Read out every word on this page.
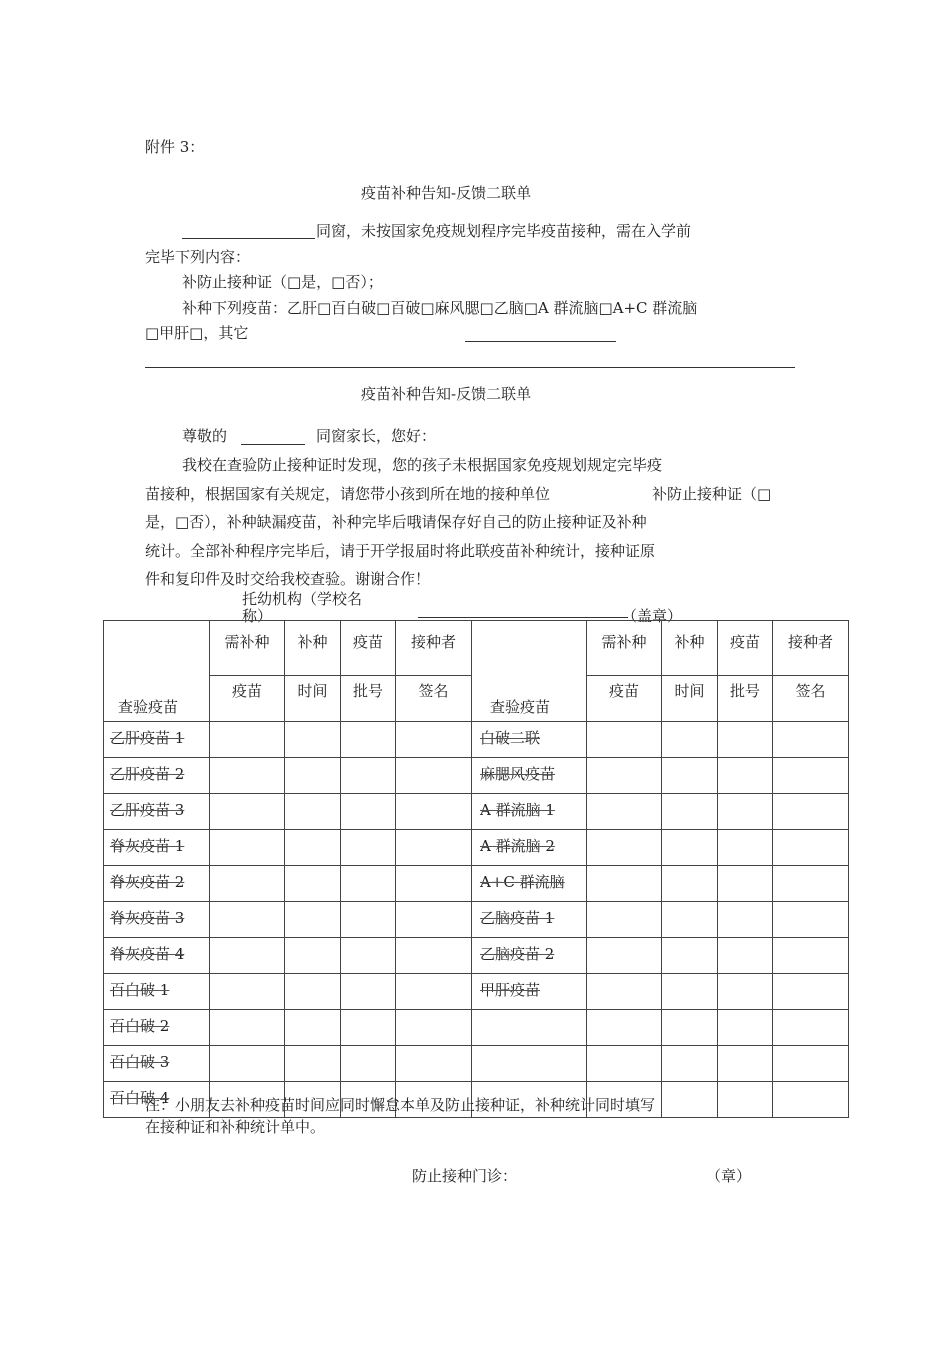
附件 3：
疫苗补种告知-反馈二联单
同窗，未按国家免疫规划程序完毕疫苗接种，需在入学前
完毕下列内容：
补防止接种证（□是，□否）；
补种下列疫苗：乙肝□百白破□百破□麻风腮□乙脑□A 群流脑□A+C 群流脑
□甲肝□，其它
疫苗补种告知-反馈二联单
尊敬的	同窗家长，您好：
我校在查验防止接种证时发现，您的孩子未根据国家免疫规划规定完毕疫
苗接种，根据国家有关规定，请您带小孩到所在地的接种单位	补防止接种证（□
是，□否），补种缺漏疫苗，补种完毕后哦请保存好自己的防止接种证及补种
统计。全部补种程序完毕后，请于开学报届时将此联疫苗补种统计，接种证原
件和复印件及时交给我校查验。谢谢合作！
托幼机构（学校名
称）	（盖章）
查验疫苗	需补种	补种	疫苗	接种者	查验疫苗	需补种	补种	疫苗	接种者
	疫苗	时间	批号	签名		疫苗	时间	批号	签名

乙肝疫苗 1					白破二联				

乙肝疫苗 2					麻腮风疫苗				

乙肝疫苗 3					A 群流脑 1				

脊灰疫苗 1					A 群流脑 2				

脊灰疫苗 2					A+C 群流脑				

脊灰疫苗 3					乙脑疫苗 1				

脊灰疫苗 4					乙脑疫苗 2				

百白破 1					甲肝疫苗				

百白破 2									

百白破 3									

百白破 4									

注：小朋友去补种疫苗时间应同时懈怠本单及防止接种证，补种统计同时填写
在接种证和补种统计单中。
防止接种门诊：	（章）
